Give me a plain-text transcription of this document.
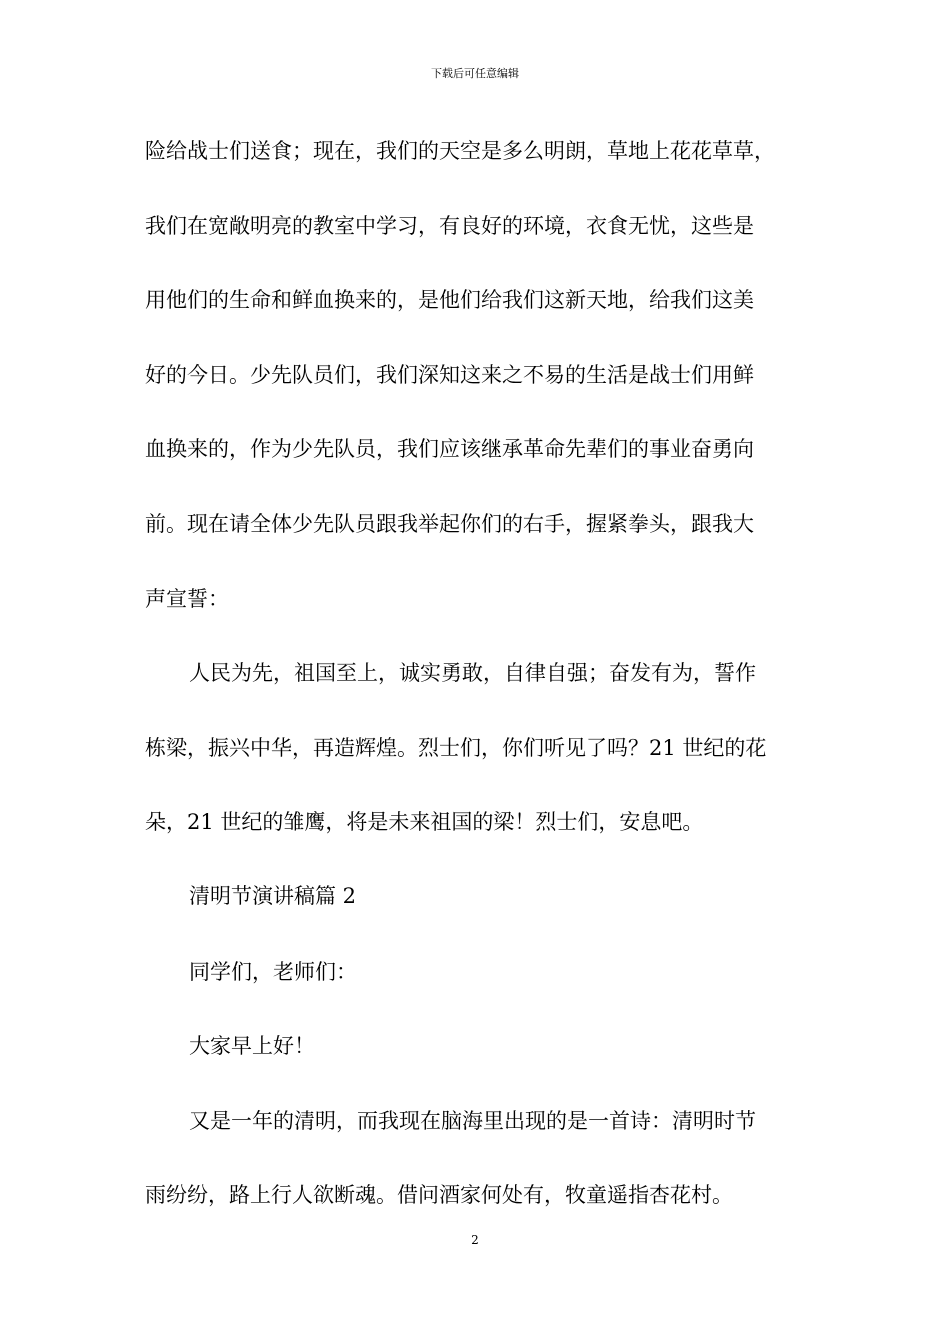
下载后可任意编辑
险给战士们送食；现在，我们的天空是多么明朗，草地上花花草草，
我们在宽敞明亮的教室中学习，有良好的环境，衣食无忧，这些是
用他们的生命和鲜血换来的，是他们给我们这新天地，给我们这美
好的今日。少先队员们，我们深知这来之不易的生活是战士们用鲜
血换来的，作为少先队员，我们应该继承革命先辈们的事业奋勇向
前。现在请全体少先队员跟我举起你们的右手，握紧拳头，跟我大
声宣誓：
人民为先，祖国至上，诚实勇敢，自律自强；奋发有为，誓作
栋梁，振兴中华，再造辉煌。烈士们，你们听见了吗？21 世纪的花
朵，21 世纪的雏鹰，将是未来祖国的梁！烈士们，安息吧。
清明节演讲稿篇 2
同学们，老师们：
大家早上好！
又是一年的清明，而我现在脑海里出现的是一首诗：清明时节
雨纷纷，路上行人欲断魂。借问酒家何处有，牧童遥指杏花村。
2
